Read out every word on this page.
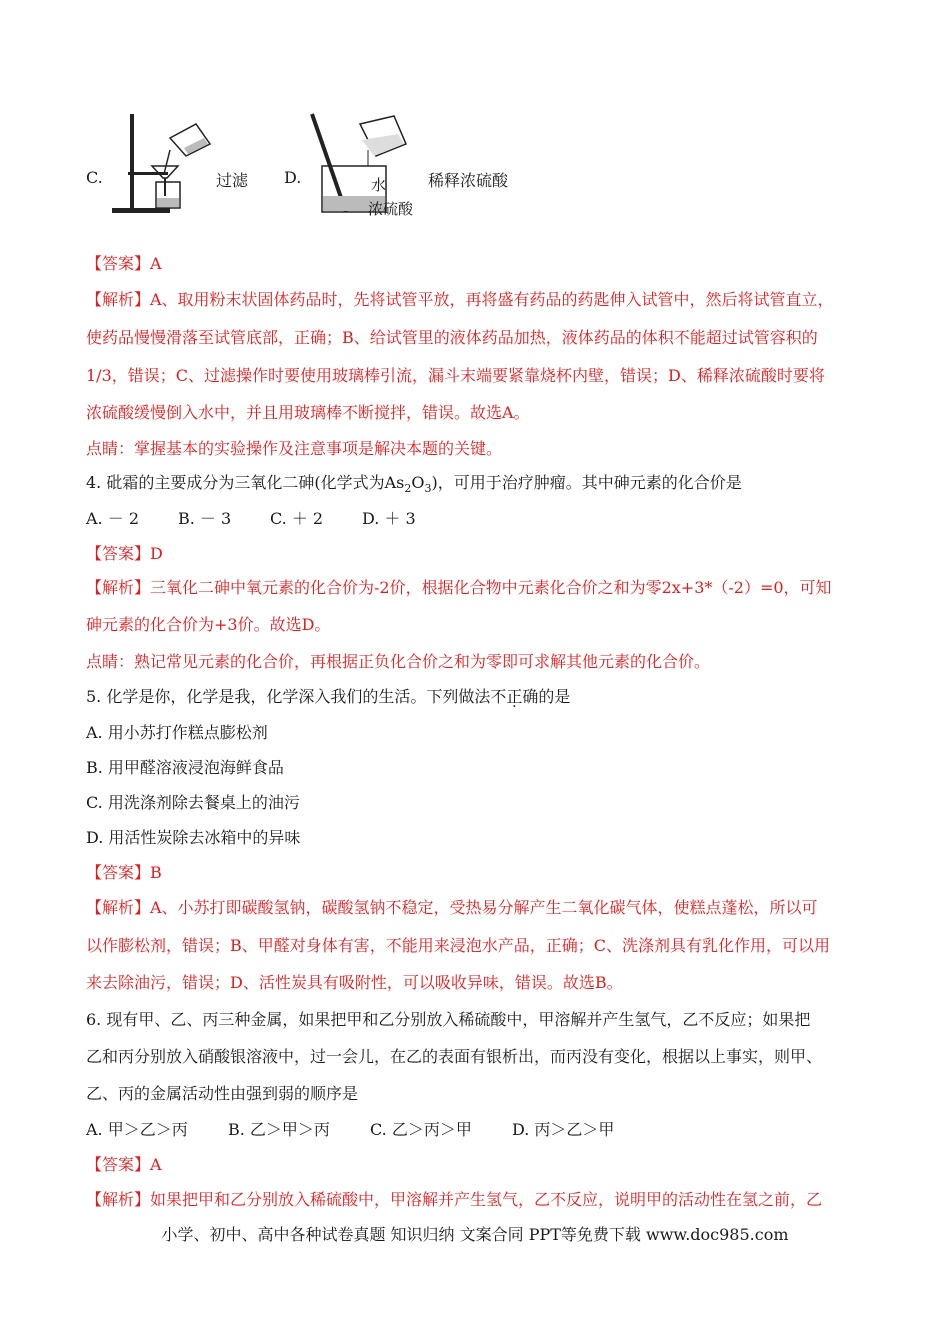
C.	过滤 D.	水
浓硫酸
稀释浓硫酸
【答案】A
【解析】A、取用粉末状固体药品时，先将试管平放，再将盛有药品的药匙伸入试管中，然后将试管直立，
使药品慢慢滑落至试管底部，正确；B、给试管里的液体药品加热，液体药品的体积不能超过试管容积的
1/3，错误；C、过滤操作时要使用玻璃棒引流，漏斗末端要紧靠烧杯内壁，错误；D、稀释浓硫酸时要将
浓硫酸缓慢倒入水中，并且用玻璃棒不断搅拌，错误。故选A。
点睛：掌握基本的实验操作及注意事项是解决本题的关键。
4. 砒霜的主要成分为三氧化二砷(化学式为$As_2O_3$)，可用于治疗肿瘤。其中砷元素的化合价是
A. － 2 B. － 3 C. ＋ 2 D. ＋ 3
【答案】D
【解析】三氧化二砷中氧元素的化合价为-2价，根据化合物中元素化合价之和为零2x+3*（-2）=0，可知
砷元素的化合价为+3价。故选D。
点睛：熟记常见元素的化合价，再根据正负化合价之和为零即可求解其他元素的化合价。
5. 化学是你，化学是我，化学深入我们的生活。下列做法不正确的是
A. 用小苏打作糕点膨松剂
B. 用甲醛溶液浸泡海鲜食品
C. 用洗涤剂除去餐桌上的油污
D. 用活性炭除去冰箱中的异味
【答案】B
【解析】A、小苏打即碳酸氢钠，碳酸氢钠不稳定，受热易分解产生二氧化碳气体，使糕点蓬松，所以可
以作膨松剂，错误；B、甲醛对身体有害，不能用来浸泡水产品，正确；C、洗涤剂具有乳化作用，可以用
来去除油污，错误；D、活性炭具有吸附性，可以吸收异味，错误。故选B。
6. 现有甲、乙、丙三种金属，如果把甲和乙分别放入稀硫酸中，甲溶解并产生氢气，乙不反应；如果把
乙和丙分别放入硝酸银溶液中，过一会儿，在乙的表面有银析出，而丙没有变化，根据以上事实，则甲、
乙、丙的金属活动性由强到弱的顺序是
A. 甲＞乙＞丙	B. 乙＞甲＞丙	C. 乙＞丙＞甲	D. 丙＞乙＞甲
【答案】A
【解析】如果把甲和乙分别放入稀硫酸中，甲溶解并产生氢气，乙不反应，说明甲的活动性在氢之前，乙
小学、初中、高中各种试卷真题 知识归纳 文案合同 PPT等免费下载 www.doc985.com
